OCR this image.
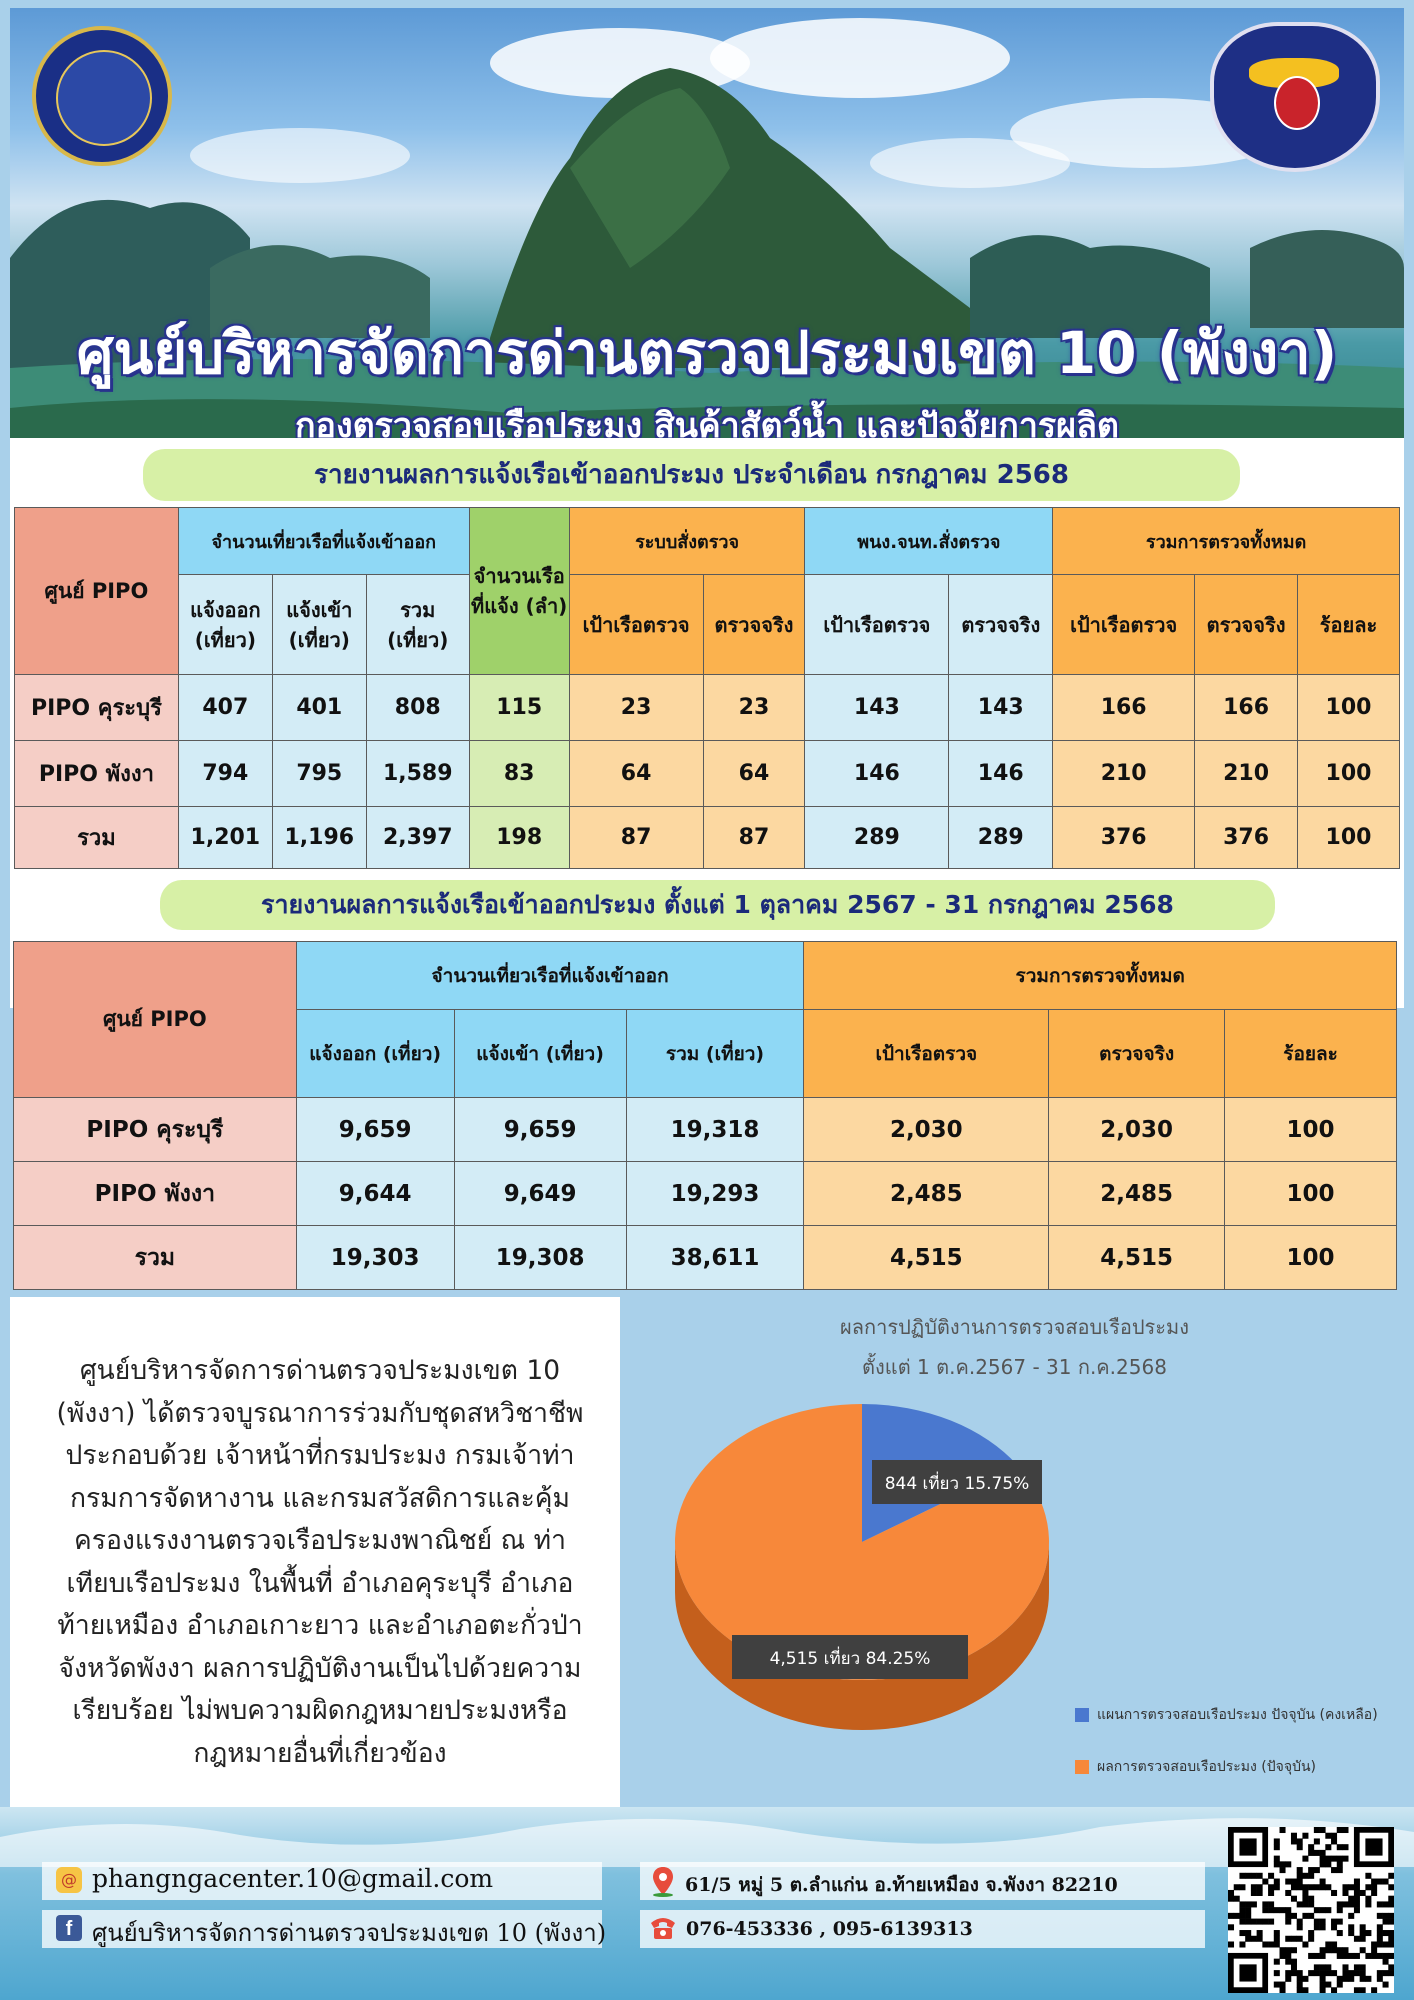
ศูนย์บริหารจัดการด่านตรวจประมงเขต 10 (พังงา)
กองตรวจสอบเรือประมง สินค้าสัตว์น้ำ และปัจจัยการผลิต
รายงานผลการแจ้งเรือเข้าออกประมง ประจำเดือน กรกฎาคม 2568
ศูนย์ PIPO	จำนวนเที่ยวเรือที่แจ้งเข้าออก			จำนวนเรือที่แจ้ง (ลำ)	ระบบสั่งตรวจ		พนง.จนท.สั่งตรวจ		รวมการตรวจทั้งหมด		
	แจ้งออก (เที่ยว)	แจ้งเข้า (เที่ยว)	รวม (เที่ยว)		เป้าเรือตรวจ	ตรวจจริง	เป้าเรือตรวจ	ตรวจจริง	เป้าเรือตรวจ	ตรวจจริง	ร้อยละ
PIPO คุระบุรี	407	401	808	115	23	23	143	143	166	166	100
PIPO พังงา	794	795	1,589	83	64	64	146	146	210	210	100
รวม	1,201	1,196	2,397	198	87	87	289	289	376	376	100
รายงานผลการแจ้งเรือเข้าออกประมง ตั้งแต่ 1 ตุลาคม 2567 - 31 กรกฎาคม 2568
ศูนย์ PIPO	จำนวนเที่ยวเรือที่แจ้งเข้าออก			รวมการตรวจทั้งหมด		
	แจ้งออก (เที่ยว)	แจ้งเข้า (เที่ยว)	รวม (เที่ยว)	เป้าเรือตรวจ	ตรวจจริง	ร้อยละ
PIPO คุระบุรี	9,659	9,659	19,318	2,030	2,030	100
PIPO พังงา	9,644	9,649	19,293	2,485	2,485	100
รวม	19,303	19,308	38,611	4,515	4,515	100
ศูนย์บริหารจัดการด่านตรวจประมงเขต 10
(พังงา) ได้ตรวจบูรณาการร่วมกับชุดสหวิชาชีพ
ประกอบด้วย เจ้าหน้าที่กรมประมง กรมเจ้าท่า
กรมการจัดหางาน และกรมสวัสดิการและคุ้ม
ครองแรงงานตรวจเรือประมงพาณิชย์ ณ ท่า
เทียบเรือประมง ในพื้นที่ อำเภอคุระบุรี อำเภอ
ท้ายเหมือง อำเภอเกาะยาว และอำเภอตะกั่วป่า
จังหวัดพังงา ผลการปฏิบัติงานเป็นไปด้วยความ
เรียบร้อย ไม่พบความผิดกฎหมายประมงหรือ
กฎหมายอื่นที่เกี่ยวข้อง
ผลการปฏิบัติงานการตรวจสอบเรือประมง
ตั้งแต่ 1 ต.ค.2567 - 31 ก.ค.2568
844 เที่ยว 15.75%
4,515 เที่ยว 84.25%
แผนการตรวจสอบเรือประมง ปัจจุบัน (คงเหลือ)
ผลการตรวจสอบเรือประมง (ปัจจุบัน)
@ phangngacenter.10@gmail.com
f ศูนย์บริหารจัดการด่านตรวจประมงเขต 10 (พังงา)
61/5 หมู่ 5 ต.ลำแก่น อ.ท้ายเหมือง จ.พังงา 82210
076-453336 , 095-6139313
